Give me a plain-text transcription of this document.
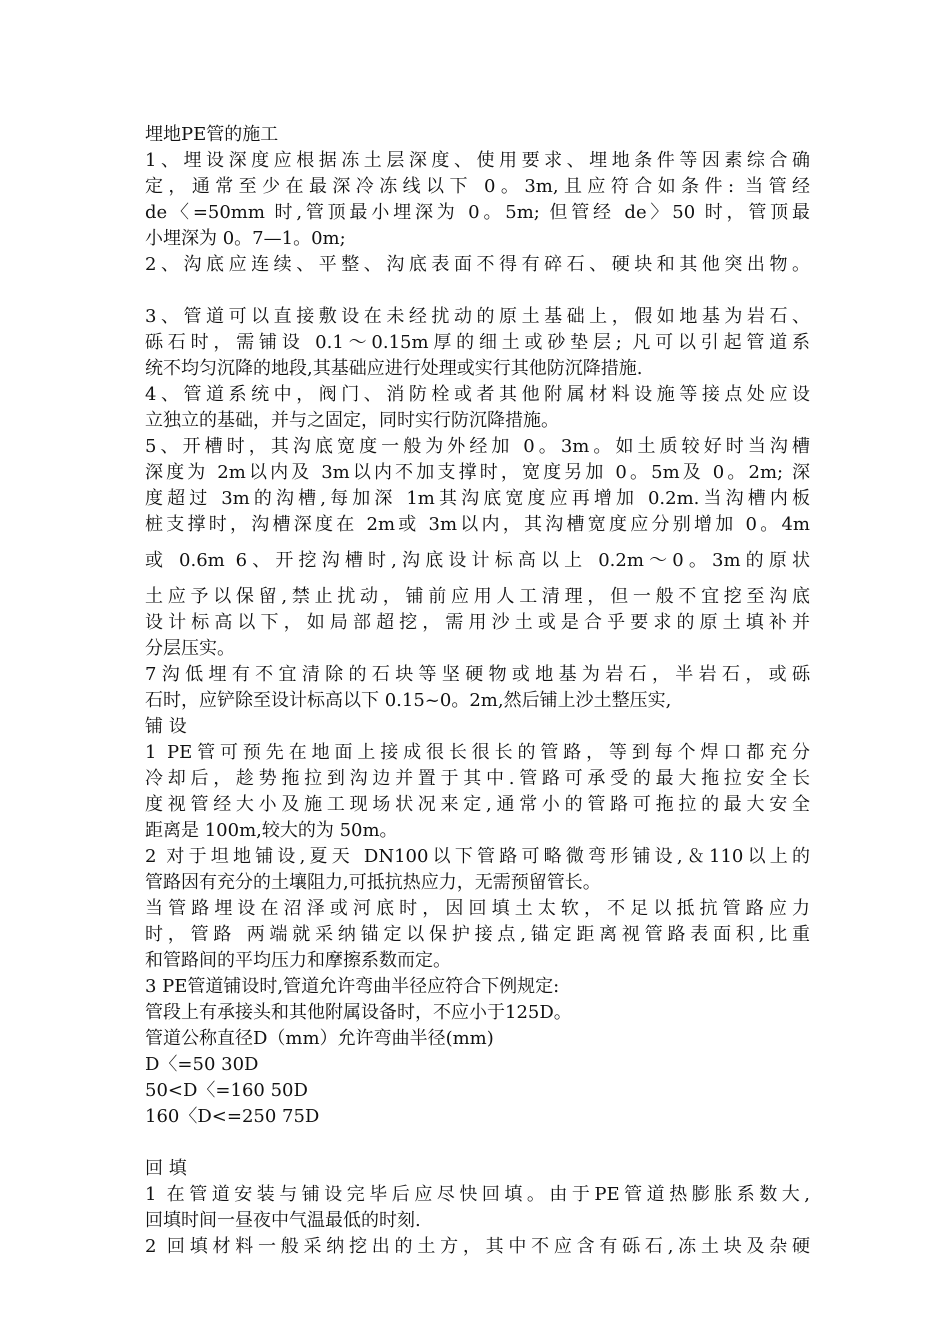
埋地PE管的施工
1、埋设深度应根据冻土层深度、使用要求、埋地条件等因素综合确
定，通常至少在最深冷冻线以下 0。3m,且应符合如条件: 当管经
de〈=50mm 时,管顶最小埋深为 0。5m; 但管经 de〉50 时，管顶最
小埋深为 0。7—1。0m;
2、沟底应连续、平整、沟底表面不得有碎石、硬块和其他突出物。
3、管道可以直接敷设在未经扰动的原土基础上，假如地基为岩石、
砾石时，需铺设 0.1～0.15m厚的细土或砂垫层; 凡可以引起管道系
统不均匀沉降的地段,其基础应进行处理或实行其他防沉降措施.
4、管道系统中，阀门、消防栓或者其他附属材料设施等接点处应设
立独立的基础，并与之固定，同时实行防沉降措施。
5、开槽时，其沟底宽度一般为外经加 0。3m。如土质较好时当沟槽
深度为 2m以内及 3m以内不加支撑时，宽度另加 0。5m及 0。2m; 深
度超过 3m的沟槽,每加深 1m其沟底宽度应再增加 0.2m.当沟槽内板
桩支撑时，沟槽深度在 2m或 3m以内，其沟槽宽度应分别增加 0。4m
或 0.6m 6、开挖沟槽时,沟底设计标高以上 0.2m～0。3m的原状
土应予以保留,禁止扰动，铺前应用人工清理，但一般不宜挖至沟底
设计标高以下，如局部超挖，需用沙土或是合乎要求的原土填补并
分层压实。
7沟低埋有不宜清除的石块等坚硬物或地基为岩石，半岩石，或砾
石时，应铲除至设计标高以下 0.15~0。2m,然后铺上沙土整压实,
铺 设
1 PE管可预先在地面上接成很长很长的管路，等到每个焊口都充分
冷却后，趁势拖拉到沟边并置于其中.管路可承受的最大拖拉安全长
度视管经大小及施工现场状况来定,通常小的管路可拖拉的最大安全
距离是 100m,较大的为 50m。
2 对于坦地铺设,夏天 DN100以下管路可略微弯形铺设,＆110以上的
管路因有充分的土壤阻力,可抵抗热应力，无需预留管长。
当管路埋设在沼泽或河底时，因回填土太软，不足以抵抗管路应力
时，管路 两端就采纳锚定以保护接点,锚定距离视管路表面积,比重
和管路间的平均压力和摩擦系数而定。
3 PE管道铺设时,管道允许弯曲半径应符合下例规定:
管段上有承接头和其他附属设备时，不应小于125D。
管道公称直径D（mm）允许弯曲半径(mm)
D〈=50 30D
50<D〈=160 50D
160〈D<=250 75D
回 填
1 在管道安装与铺设完毕后应尽快回填。由于PE管道热膨胀系数大,
回填时间一昼夜中气温最低的时刻.
2 回填材料一般采纳挖出的土方，其中不应含有砾石,冻土块及杂硬
